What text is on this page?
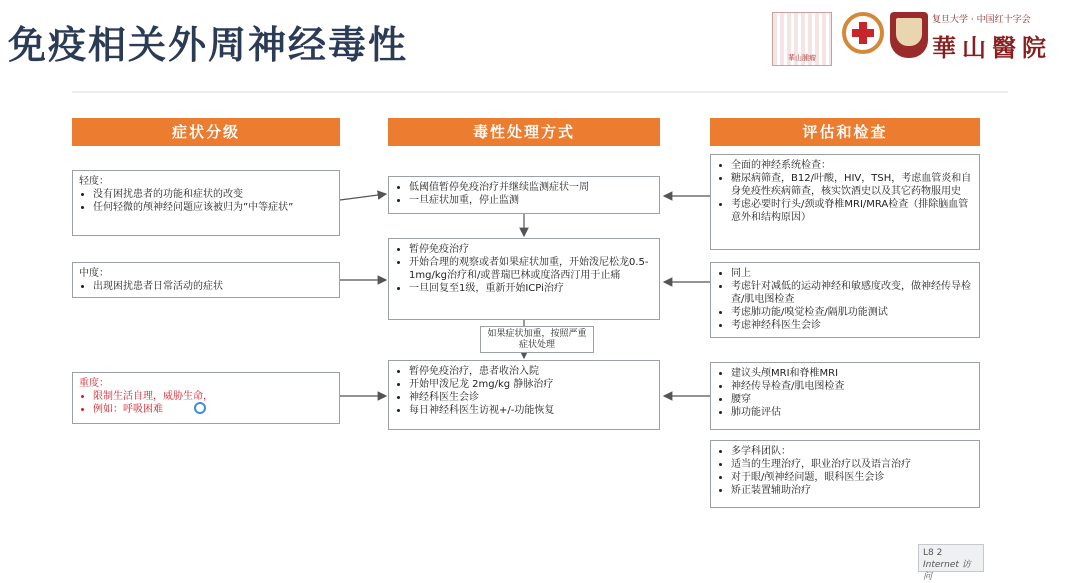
免疫相关外周神经毒性	華山腫瘤
复旦大学 · 中国红十字会
華山醫院
症状分级	毒性处理方式	评估和检查

轻度：

• 没有困扰患者的功能和症状的改变
• 任何轻微的颅神经问题应该被归为”中等症状”

中度：

• 出现困扰患者日常活动的症状

重度：

• 限制生活自理，威胁生命，
• 例如：呼吸困难
• 低阈值暂停免疫治疗并继续监测症状一周
• 一旦症状加重，停止监测
• 暂停免疫治疗
• 开始合理的观察或者如果症状加重，开始泼尼松龙0.5-1mg/kg治疗和/或普瑞巴林或度洛西汀用于止痛
• 一旦回复至1级，重新开始ICPi治疗
如果症状加重，按照严重症状处理
• 暂停免疫治疗，患者收治入院
• 开始甲泼尼龙 2mg/kg 静脉治疗
• 神经科医生会诊
• 每日神经科医生访视+/-功能恢复
• 全面的神经系统检查：
• 糖尿病筛查，B12/叶酸，HIV，TSH，考虑血管炎和自身免疫性疾病筛查，核实饮酒史以及其它药物服用史
• 考虑必要时行头/颈或脊椎MRI/MRA检查（排除脑血管意外和结构原因）
• 同上
• 考虑针对减低的运动神经和敏感度改变，做神经传导检查/肌电图检查
• 考虑肺功能/嗅觉检查/隔肌功能测试
• 考虑神经科医生会诊
• 建议头颅MRI和脊椎MRI
• 神经传导检查/肌电图检查
• 腰穿
• 肺功能评估
• 多学科团队：
• 适当的生理治疗，职业治疗以及语言治疗
• 对于眼/颅神经问题，眼科医生会诊
• 矫正装置辅助治疗
L8 2
Internet 访问
